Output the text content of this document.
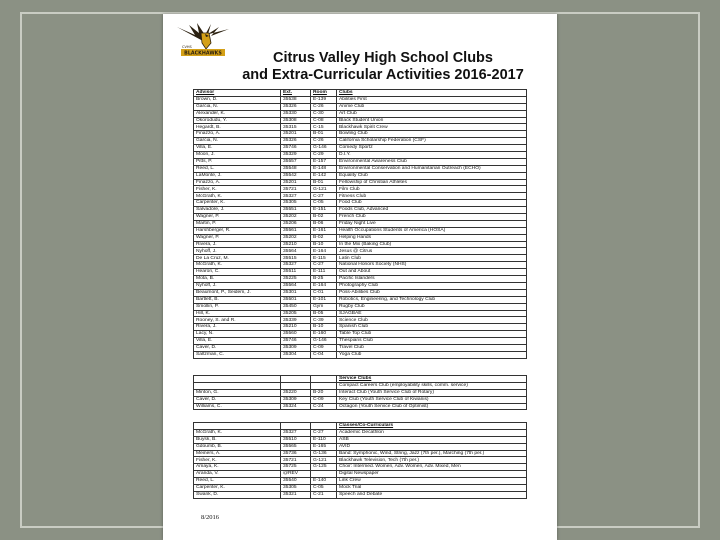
CVHS
BLACKHAWKS	Citrus Valley High School Clubs
and Extra-Curricular Activities 2016-2017
Advisor	Ext.	Room	Clubs
Brown, D.	35538	E-139	Abilities First
Garcia, N.	35326	C-26	Anime Club
Alexander, K.	35330	C-30	Art Club
Okorodudu, Y.	35308	C-08	Black Student Union
Hegardt, B.	35315	C-15	Blackhawk Spirit Crew
Finazzo, A.	35201	B-01	Bowling Club
Garcia, N.	35326	C-26	California Scholarship Federation (CSF)
Villa, E.	35746	G-146	Comedy Sportz
Moon, J.	35329	C-29	D.I.Y.
Pitts, P.	35557	E-157	Environmental Awareness Club
Reed, L.	35548	E-148	Environmental Conservation and Humanitarian Outreach (ECHO)
LaMonte, J.	35542	E-142	Equality Club
Finazzo, A.	35201	B-01	Fellowship of Christian Athletes
Fisher, K.	35721	G-121	Film Club
McGrath, K.	35327	C-27	Fitness Club
Carpenter, K.	35305	C-05	Food Club
Salvadore, J.	35551	E-151	Foods Club, Advanced
Wagner, P.	35202	B-02	French Club
Martin, P.	35206	B-06	Friday Night Live
Harshberger, R.	35561	E-161	Health Occupations Students of America (HOSA)
Wagner, P.	35202	B-02	Helping Hands
Rivera, J.	35210	B-10	In the Mix (Baking Club)
Nyhoff, J.	35564	E-164	Jesus @ Citrus
De La Cruz, M.	35515	E-115	Latin Club
McGrath, K.	35327	C-27	National Honors Society (NHS)
Hearon, C.	35511	E-111	Out and About
Mota, B.	35225	B-25	Pacific Islanders
Nyhoff, J.	35564	E-164	Photography Club
Beaumont, P., Seidem, J.	35301	C-01	Poss-Abilities Club
Bartlett, B.	35501	E-101	Robotics, Engineering, and Technology Club
Smollin, P.	35450	Gym	Rugby Club
Hill, K.	35205	B-05	SJAGBAE
Rooney, S. and R.	35339	C-39	Science Club
Rivera, J.	35210	B-10	Spanish Club
Lacy, N.	35560	E-160	Table Top Club
Villa, E.	35746	G-146	Thespians Club
Caver, D.	35309	C-09	Travel Club
Saltzman, C.	35304	C-04	Yoga Club
			Service Clubs
			Compact Careers Club (employability skills, comm. service)
Minton, G.	35220	B-20	Interact Club (Youth Service Club of Rotary)
Caver, D.	35309	C-09	Key Club (Youth Service Club of Kiwanis)
Williams, C.	35324	C-24	Octagon (Youth Service Club of Optimist)
			Classes/Co-Curriculars
McGrath, K.	35327	C-27	Academic Decathlon
Buysk, B.	35510	E-110	ASB
Gdoumb, B.	35565	E-165	AVID
Meiners, A.	35736	G-136	Band: Symphonic, Wind, String, Jazz (7th per.), Marching (7th per.)
Fisher, K.	35721	G-121	Blackhawk Television, Tech (7th per.)
Amaya, K.	35725	G-125	Choir: Intermed. Women, Adv. Women, Adv. Mixed, Men
Aranda, V.	@REV		Digital Newspaper
Reed, L.	35540	E-140	Link Crew
Carpenter, K.	35305	C-05	Mock Trial
Swank, D.	35321	C-21	Speech and Debate
8/2016
